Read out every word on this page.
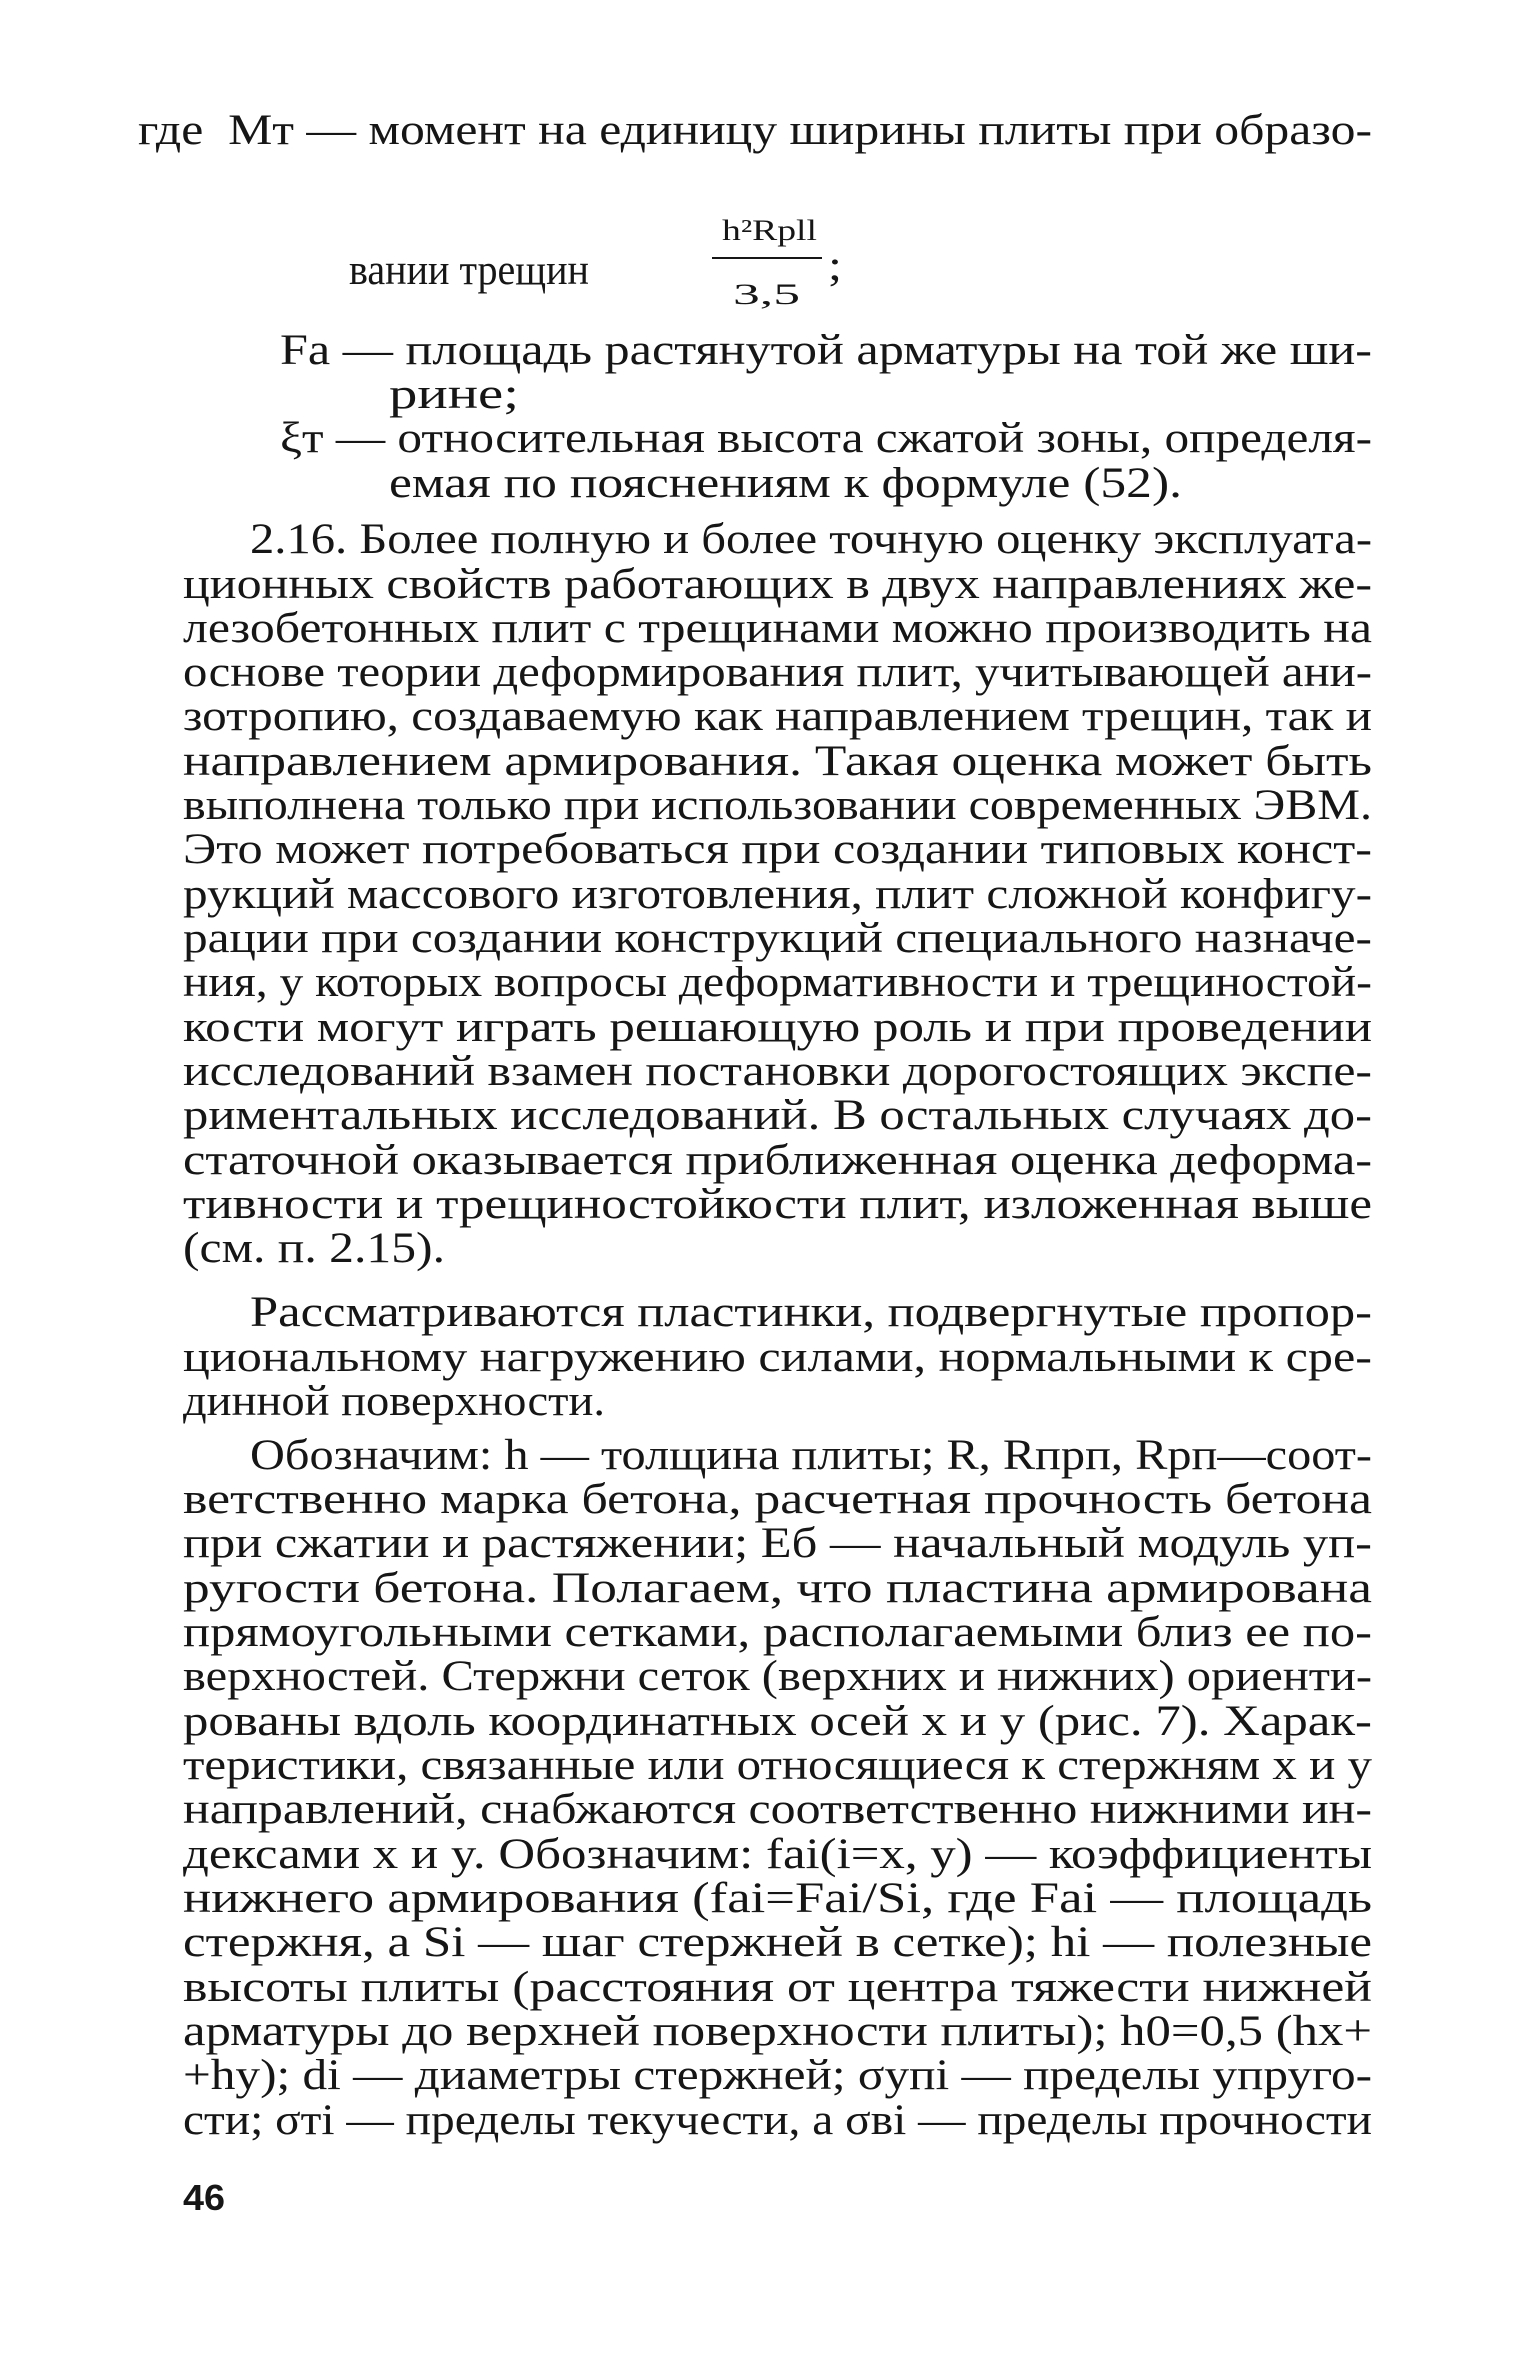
где  Mт — момент на единицу ширины плиты при образо-
вании трещин
h²Rpll
3,5
;
Fа — площадь растянутой арматуры на той же ши-
рине;
ξт — относительная высота сжатой зоны, определя-
емая по пояснениям к формуле (52).
2.16. Более полную и более точную оценку эксплуата-
ционных свойств работающих в двух направлениях же-
лезобетонных плит с трещинами можно производить на
основе теории деформирования плит, учитывающей ани-
зотропию, создаваемую как направлением трещин, так и
направлением армирования. Такая оценка может быть
выполнена только при использовании современных ЭВМ.
Это может потребоваться при создании типовых конст-
рукций массового изготовления, плит сложной конфигу-
рации при создании конструкций специального назначе-
ния, у которых вопросы деформативности и трещиностой-
кости могут играть решающую роль и при проведении
исследований взамен постановки дорогостоящих экспе-
риментальных исследований. В остальных случаях до-
статочной оказывается приближенная оценка деформа-
тивности и трещиностойкости плит, изложенная выше
(см. п. 2.15).
Рассматриваются пластинки, подвергнутые пропор-
циональному нагружению силами, нормальными к сре-
динной поверхности.
Обозначим: h — толщина плиты; R, Rпрп, Rрп—соот-
ветственно марка бетона, расчетная прочность бетона
при сжатии и растяжении; Eб — начальный модуль уп-
ругости бетона. Полагаем, что пластина армирована
прямоугольными сетками, располагаемыми близ ее по-
верхностей. Стержни сеток (верхних и нижних) ориенти-
рованы вдоль координатных осей x и y (рис. 7). Харак-
теристики, связанные или относящиеся к стержням x и y
направлений, снабжаются соответственно нижними ин-
дексами x и y. Обозначим: fаi(i=x, y) — коэффициенты
нижнего армирования (fаi=Fаi/Si, где Fаi — площадь
стержня, а Si — шаг стержней в сетке); hi — полезные
высоты плиты (расстояния от центра тяжести нижней
арматуры до верхней поверхности плиты); h0=0,5 (hx+
+hy); di — диаметры стержней; σупi — пределы упруго-
сти; σтi — пределы текучести, а σвi — пределы прочности
46
